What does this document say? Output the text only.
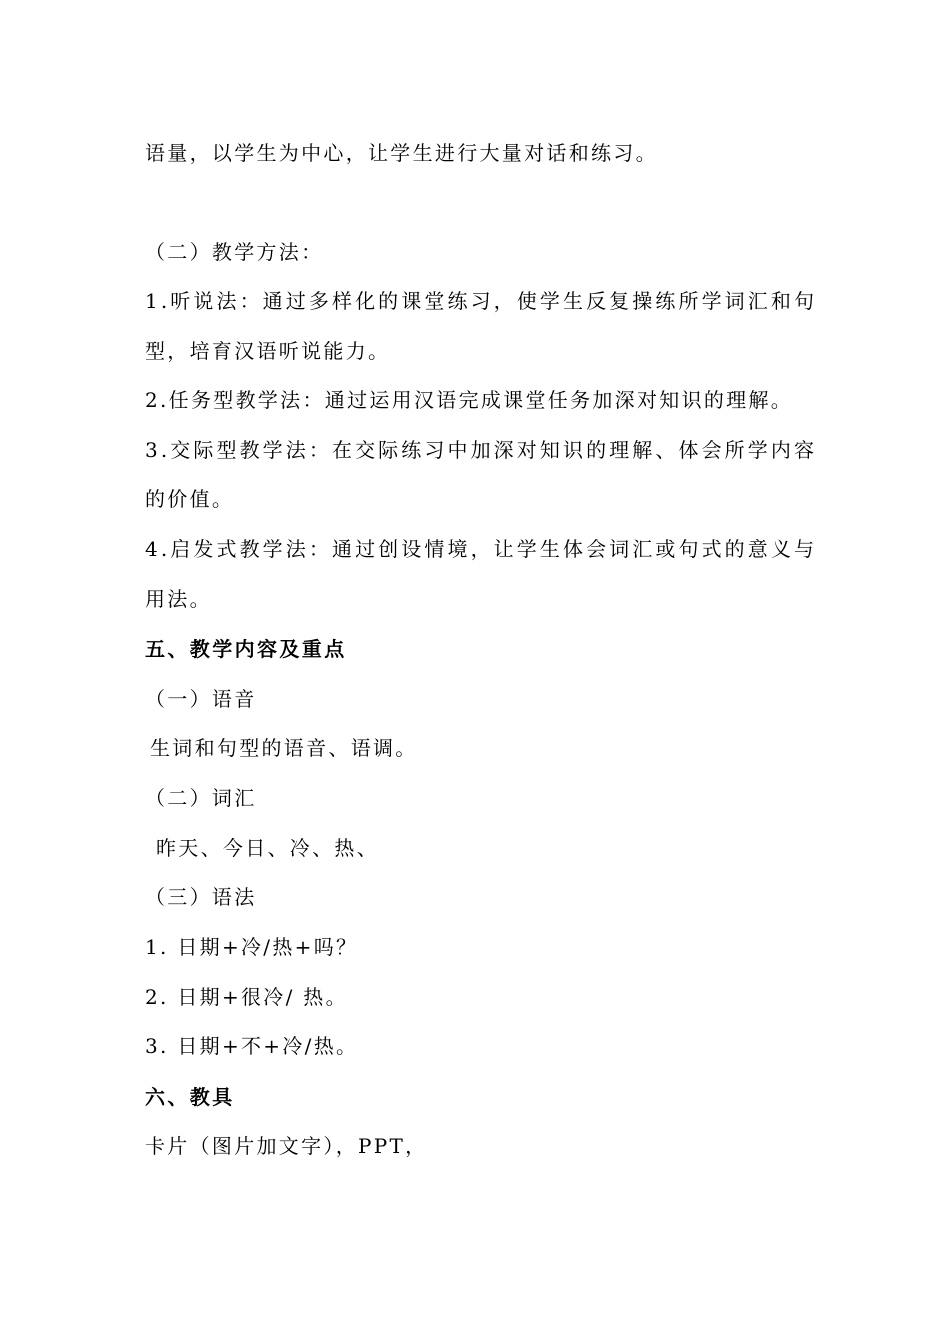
语量，以学生为中心，让学生进行大量对话和练习。
（二）教学方法：
1.听说法：通过多样化的课堂练习，使学生反复操练所学词汇和句
型，培育汉语听说能力。
2.任务型教学法：通过运用汉语完成课堂任务加深对知识的理解。
3.交际型教学法：在交际练习中加深对知识的理解、体会所学内容
的价值。
4.启发式教学法：通过创设情境，让学生体会词汇或句式的意义与
用法。
五、教学内容及重点
（一）语音
生词和句型的语音、语调。
（二）词汇
昨天、今日、冷、热、
（三）语法
1. 日期+冷/热+吗？
2. 日期+很冷/ 热。
3. 日期+不+冷/热。
六、教具
卡片（图片加文字），PPT，
